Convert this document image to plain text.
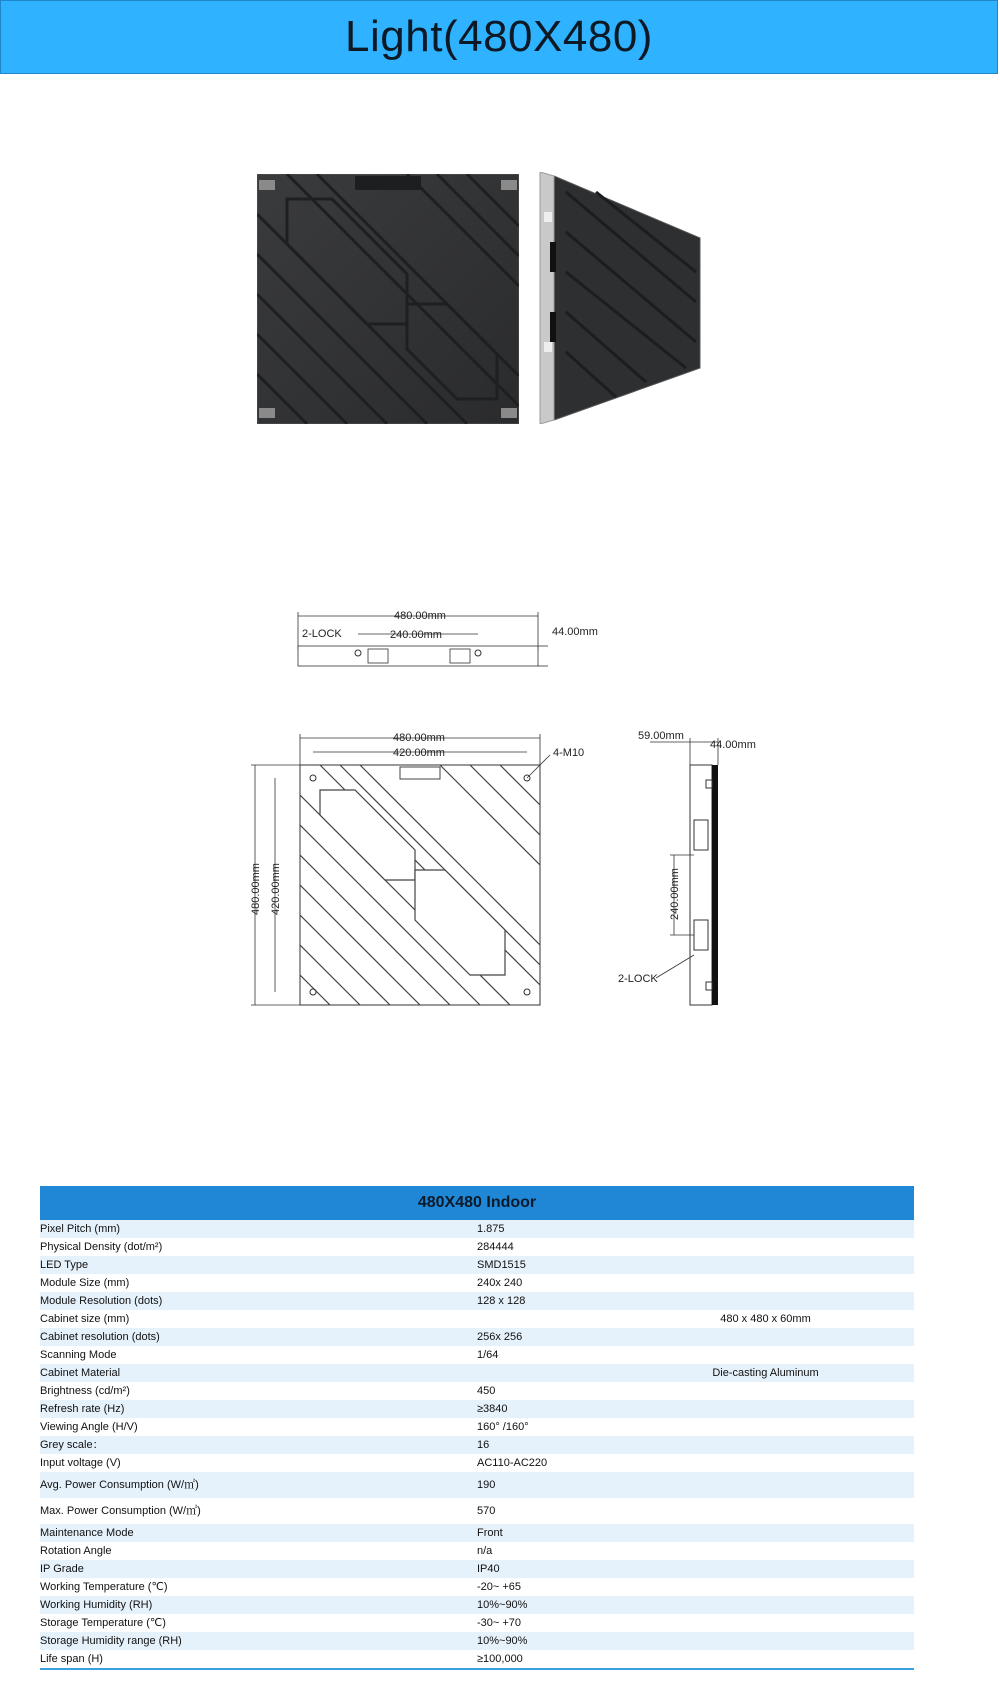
Light(480X480)
480.00mm
240.00mm
2-LOCK	44.00mm
480.00mm
420.00mm	4-M10
480.00mm 420.00mm
59.00mm
44.00mm
240.00mm
2-LOCK
480X480 Indoor	
Pixel Pitch (mm)	1.875
Physical Density (dot/m²)	284444
LED Type	SMD1515
Module Size (mm)	240x 240
Module Resolution (dots)	128 x 128
Cabinet size (mm)	480 x 480 x 60mm
Cabinet resolution (dots)	256x 256
Scanning Mode	1/64
Cabinet Material	Die-casting Aluminum
Brightness (cd/m²)	450
Refresh rate (Hz)	≥3840
Viewing Angle (H/V)	160° /160°
Grey scale：	16
Input voltage (V)	AC110-AC220
Avg. Power Consumption (W/㎡)	190
Max. Power Consumption (W/㎡)	570
Maintenance Mode	Front
Rotation Angle	n/a
IP Grade	IP40
Working Temperature (℃)	-20~ +65
Working Humidity (RH)	10%~90%
Storage Temperature (℃)	-30~ +70
Storage Humidity range (RH)	10%~90%
Life span (H)	≥100,000
